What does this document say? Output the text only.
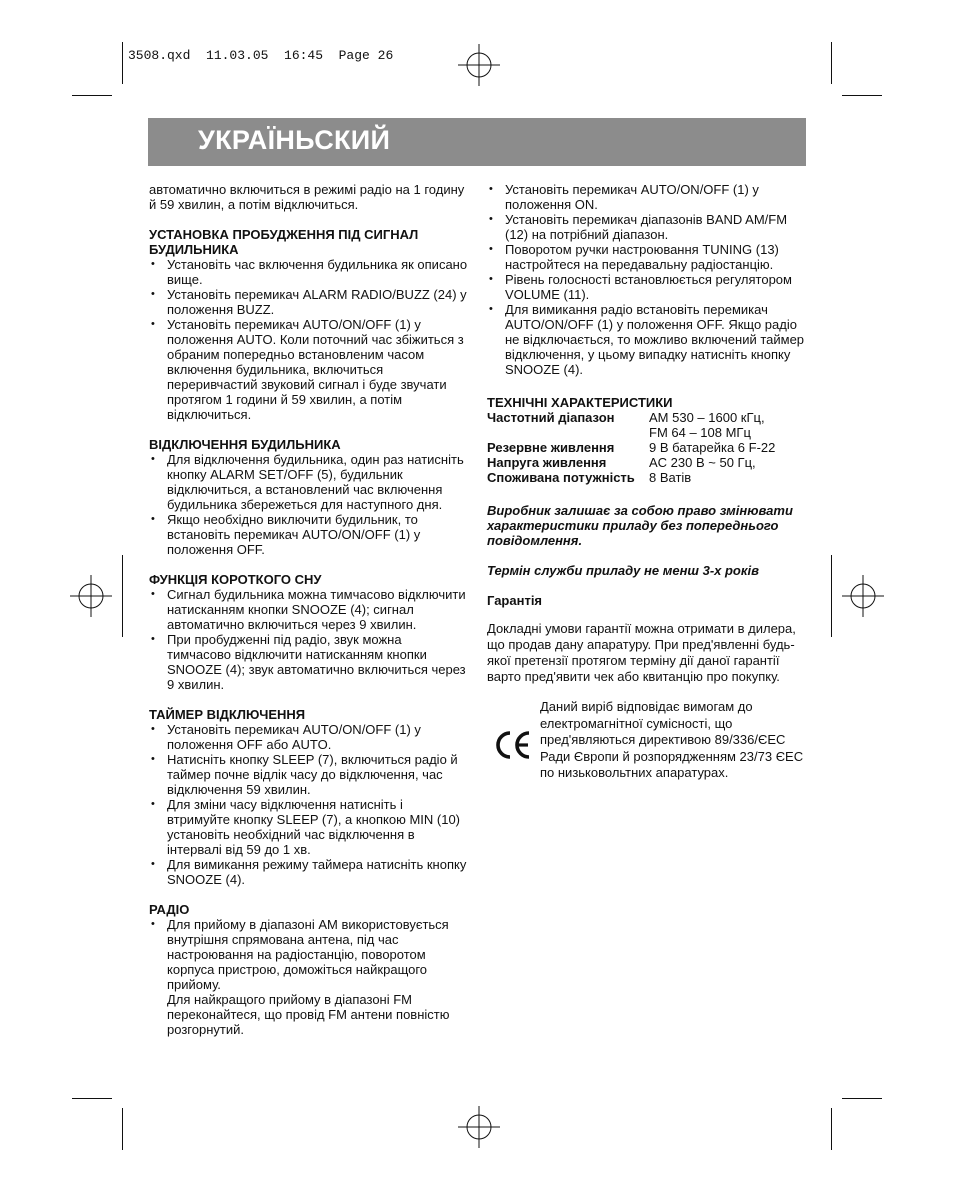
3508.qxd  11.03.05  16:45  Page 26
УКРАЇНЬСКИЙ

автоматично включиться в режимі радіо на 1 годину й 59 хвилин, а потім відключиться.

УСТАНОВКА ПРОБУДЖЕННЯ ПІД СИГНАЛ БУДИЛЬНИКА

• Установіть час включення будильника як описано вище.
• Установіть перемикач ALARM RADIO/BUZZ (24) у положення BUZZ.
• Установіть перемикач AUTO/ON/OFF (1) у положення AUTO. Коли поточний час збіжиться з обраним попередньо встановленим часом включення будильника, включиться переривчастий звуковий сигнал і буде звучати протягом 1 години й 59 хвилин, а потім відключиться.

ВІДКЛЮЧЕННЯ БУДИЛЬНИКА

• Для відключення будильника, один раз натисніть кнопку ALARM SET/OFF (5), будильник відключиться, а встановлений час включення будильника збережеться для наступного дня.
• Якщо необхідно виключити будильник, то встановіть перемикач AUTO/ON/OFF (1) у положення OFF.

ФУНКЦІЯ КОРОТКОГО СНУ

• Сигнал будильника можна тимчасово відключити натисканням кнопки SNOOZE (4); сигнал автоматично включиться через 9 хвилин.
• При пробудженні під радіо, звук можна тимчасово відключити натисканням кнопки SNOOZE (4); звук автоматично включиться через 9 хвилин.

ТАЙМЕР ВІДКЛЮЧЕННЯ

• Установіть перемикач AUTO/ON/OFF (1) у положення OFF або AUTO.
• Натисніть кнопку SLEEP (7), включиться радіо й таймер почне відлік часу до відключення, час відключення 59 хвилин.
• Для зміни часу відключення натисніть і втримуйте кнопку SLEEP (7), а кнопкою MIN (10) установіть необхідний час відключення в інтервалі від 59 до 1 хв.
• Для вимикання режиму таймера натисніть кнопку SNOOZE (4).

РАДІО

• Для прийому в діапазоні AM використовується внутрішня спрямована антена, під час настроювання на радіостанцію, поворотом корпуса пристрою, доможіться найкращого прийому.
Для найкращого прийому в діапазоні FM переконайтеся, що провід FM антени повністю розгорнутий.
• Установіть перемикач AUTO/ON/OFF (1) у положення ON.
• Установіть перемикач діапазонів BAND AM/FM (12) на потрібний діапазон.
• Поворотом ручки настроювання TUNING (13) настройтеся на передавальну радіостанцію.
• Рівень голосності встановлюється регулятором VOLUME (11).
• Для вимикання радіо встановіть перемикач AUTO/ON/OFF (1) у положення OFF. Якщо радіо не відключається, то можливо включений таймер відключення, у цьому випадку натисніть кнопку SNOOZE (4).
ТЕХНІЧНІ ХАРАКТЕРИСТИКИ
Частотний діапазон	AM 530 – 1600 кГц,
FM 64 – 108 МГц
Резервне живлення	9 В батарейка 6 F-22
Напруга живлення	AC 230 В ~ 50 Гц,
Споживана потужність	8 Ватів

Виробник залишає за собою право змінювати характеристики приладу без попереднього повідомлення.

Термін служби приладу не менш 3-х років

Гарантія

Докладні умови гарантії можна отримати в дилера, що продав дану апаратуру. При пред'явленні будь-якої претензії протягом терміну дії даної гарантії варто пред'явити чек або квитанцію про покупку.

Даний виріб відповідає вимогам до електромагнітної сумісності, що пред'являються директивою 89/336/ЄЕС Ради Європи й розпорядженням 23/73 ЄЕС по низьковольтних апаратурах.
